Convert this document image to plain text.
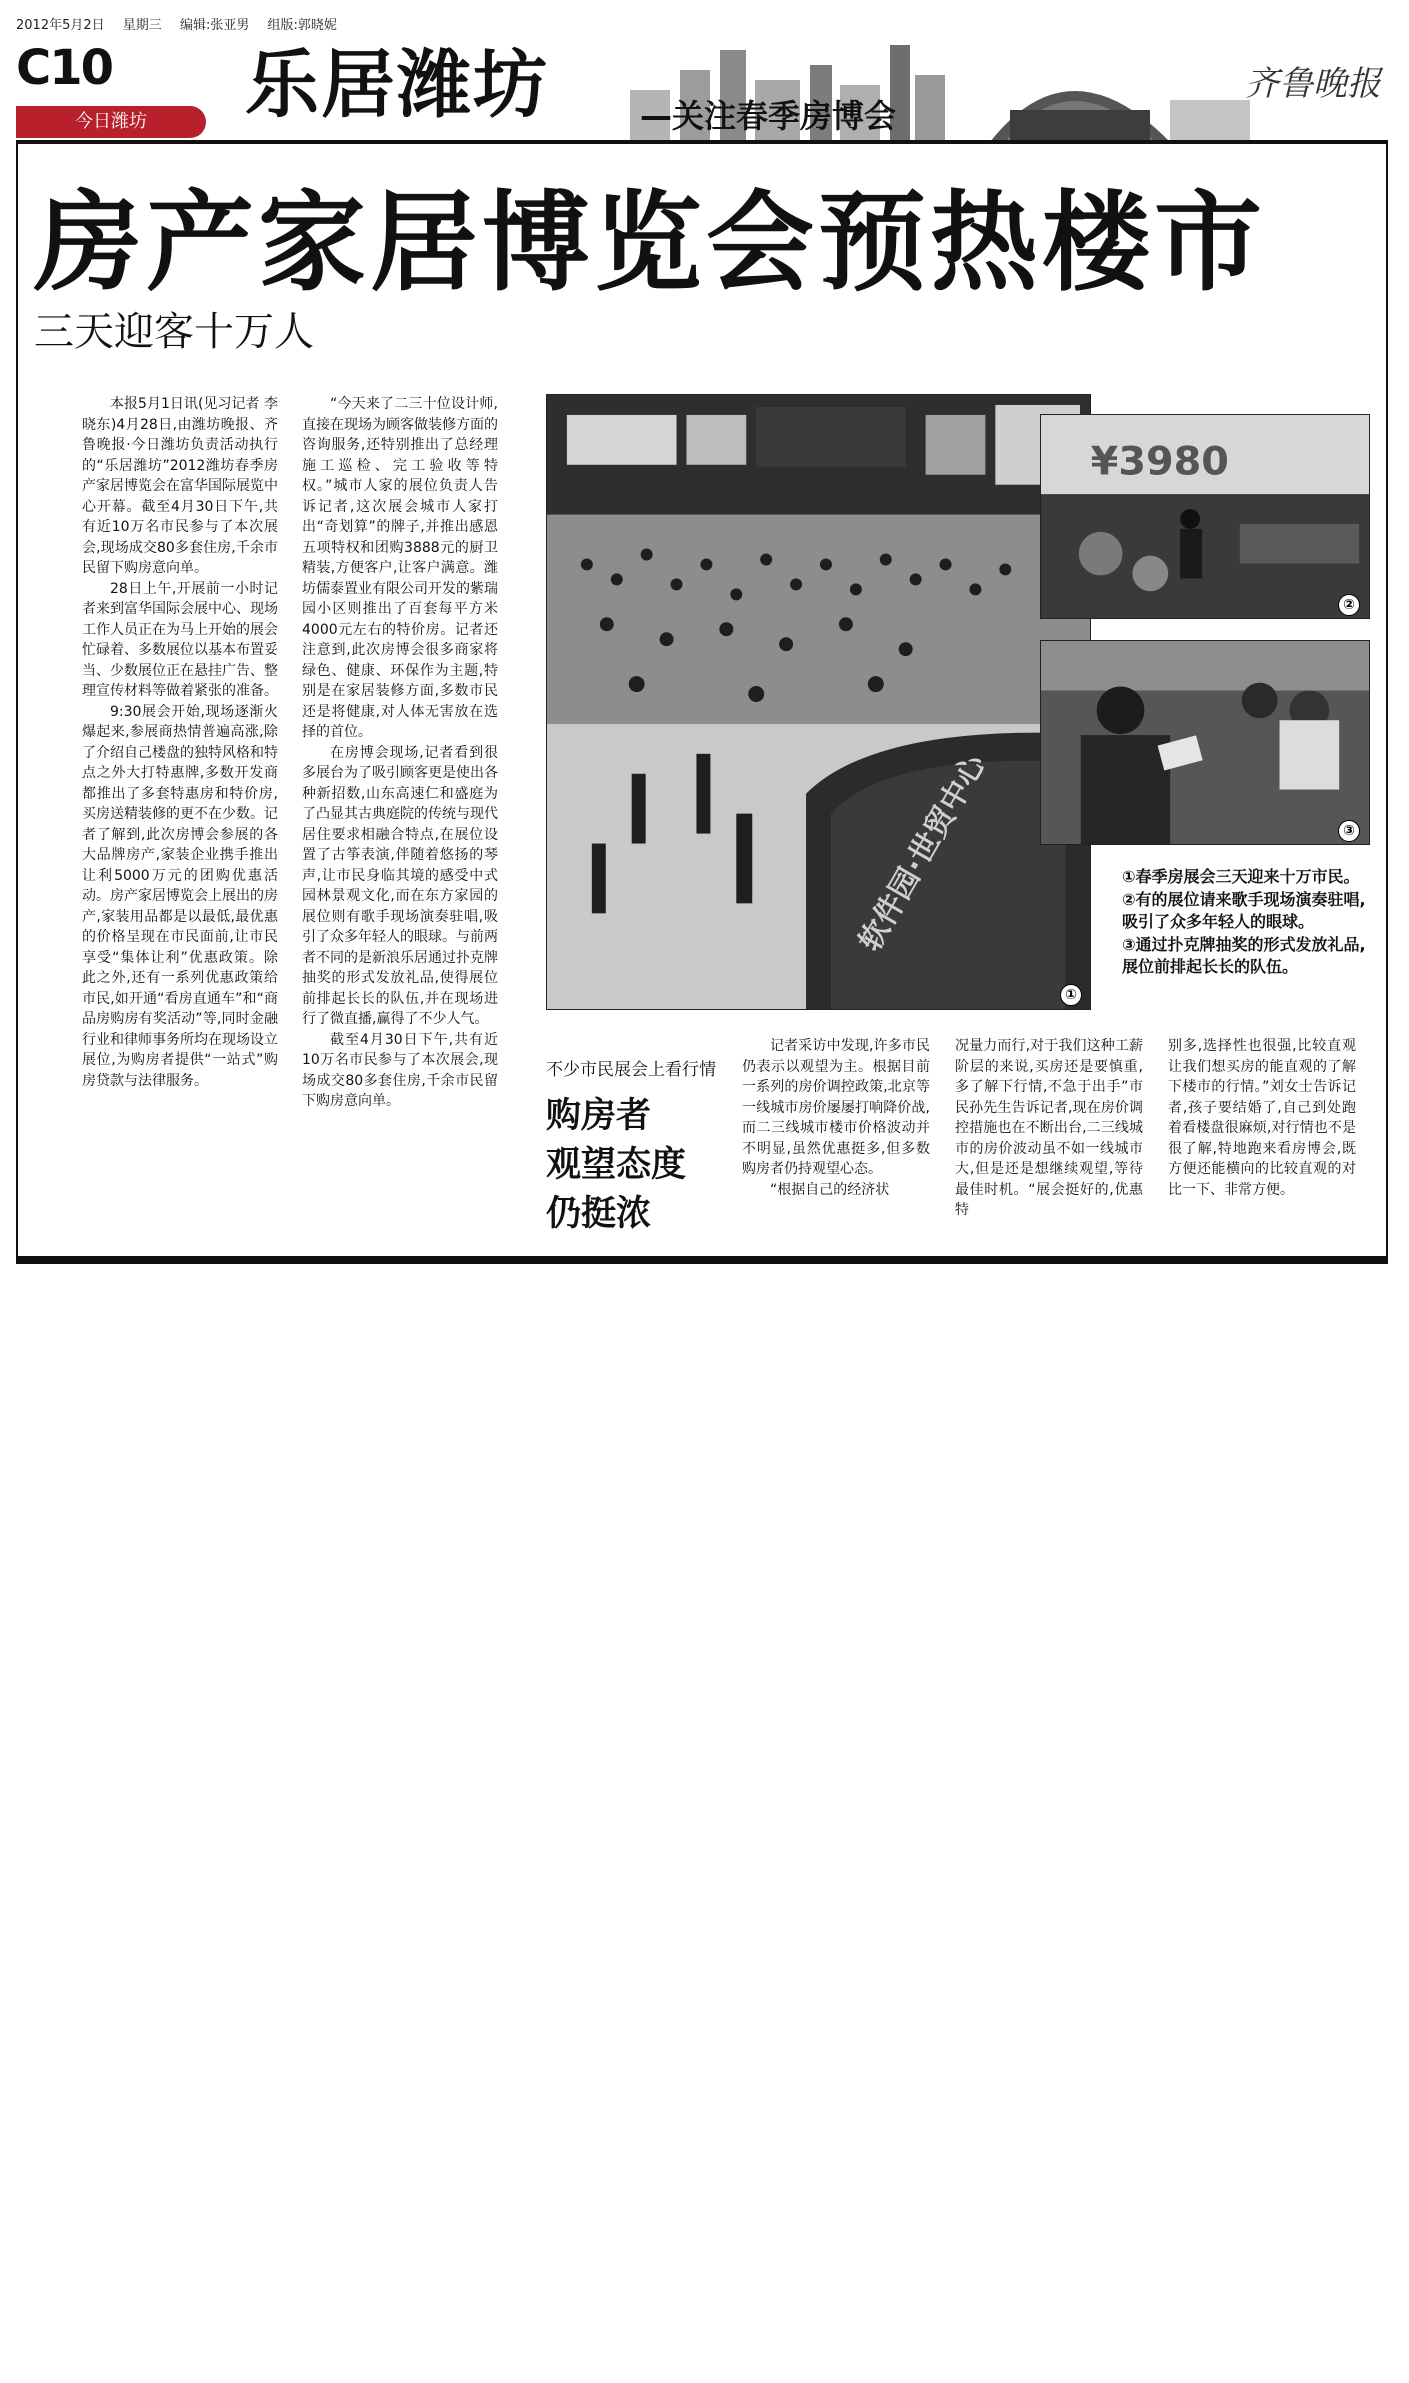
2012年5月2日 星期三 编辑:张亚男 组版:郭晓妮
C10
今日潍坊	乐居潍坊	—关注春季房博会
齐鲁晚报
房产家居博览会预热楼市
三天迎客十万人

本报5月1日讯(见习记者 李晓东)4月28日,由潍坊晚报、齐鲁晚报·今日潍坊负责活动执行的“乐居潍坊”2012潍坊春季房产家居博览会在富华国际展览中心开幕。截至4月30日下午,共有近10万名市民参与了本次展会,现场成交80多套住房,千余市民留下购房意向单。

28日上午,开展前一小时记者来到富华国际会展中心、现场工作人员正在为马上开始的展会忙碌着、多数展位以基本布置妥当、少数展位正在悬挂广告、整理宣传材料等做着紧张的准备。

9:30展会开始,现场逐渐火爆起来,参展商热情普遍高涨,除了介绍自己楼盘的独特风格和特点之外大打特惠牌,多数开发商都推出了多套特惠房和特价房,买房送精装修的更不在少数。记者了解到,此次房博会参展的各大品牌房产,家装企业携手推出让利5000万元的团购优惠活动。房产家居博览会上展出的房产,家装用品都是以最低,最优惠的价格呈现在市民面前,让市民享受“集体让利”优惠政策。除此之外,还有一系列优惠政策给市民,如开通“看房直通车”和“商品房购房有奖活动”等,同时金融行业和律师事务所均在现场设立展位,为购房者提供“一站式”购房贷款与法律服务。

“今天来了二三十位设计师,直接在现场为顾客做装修方面的咨询服务,还特别推出了总经理施工巡检、完工验收等特权。”城市人家的展位负责人告诉记者,这次展会城市人家打出“奇划算”的牌子,并推出感恩五项特权和团购3888元的厨卫精装,方便客户,让客户满意。潍坊儒泰置业有限公司开发的紫瑞园小区则推出了百套每平方米4000元左右的特价房。记者还注意到,此次房博会很多商家将绿色、健康、环保作为主题,特别是在家居装修方面,多数市民还是将健康,对人体无害放在选择的首位。

在房博会现场,记者看到很多展台为了吸引顾客更是使出各种新招数,山东高速仁和盛庭为了凸显其古典庭院的传统与现代居住要求相融合特点,在展位设置了古筝表演,伴随着悠扬的琴声,让市民身临其境的感受中式园林景观文化,而在东方家园的展位则有歌手现场演奏驻唱,吸引了众多年轻人的眼球。与前两者不同的是新浪乐居通过扑克牌抽奖的形式发放礼品,使得展位前排起长长的队伍,并在现场进行了微直播,赢得了不少人气。

截至4月30日下午,共有近10万名市民参与了本次展会,现场成交80多套住房,千余市民留下购房意向单。

软件园·世贸中心
①
¥3980
②
③

①春季房展会三天迎来十万市民。

②有的展位请来歌手现场演奏驻唱,吸引了众多年轻人的眼球。

③通过扑克牌抽奖的形式发放礼品,展位前排起长长的队伍。

不少市民展会上看行情
购房者
观望态度
仍挺浓

记者采访中发现,许多市民仍表示以观望为主。根据目前一系列的房价调控政策,北京等一线城市房价屡屡打响降价战,而二三线城市楼市价格波动并不明显,虽然优惠挺多,但多数购房者仍持观望心态。

“根据自己的经济状

况量力而行,对于我们这种工薪阶层的来说,买房还是要慎重,多了解下行情,不急于出手”市民孙先生告诉记者,现在房价调控措施也在不断出台,二三线城市的房价波动虽不如一线城市大,但是还是想继续观望,等待最佳时机。“展会挺好的,优惠特

别多,选择性也很强,比较直观让我们想买房的能直观的了解下楼市的行情。”刘女士告诉记者,孩子要结婚了,自己到处跑着看楼盘很麻烦,对行情也不是很了解,特地跑来看房博会,既方便还能横向的比较直观的对比一下、非常方便。
